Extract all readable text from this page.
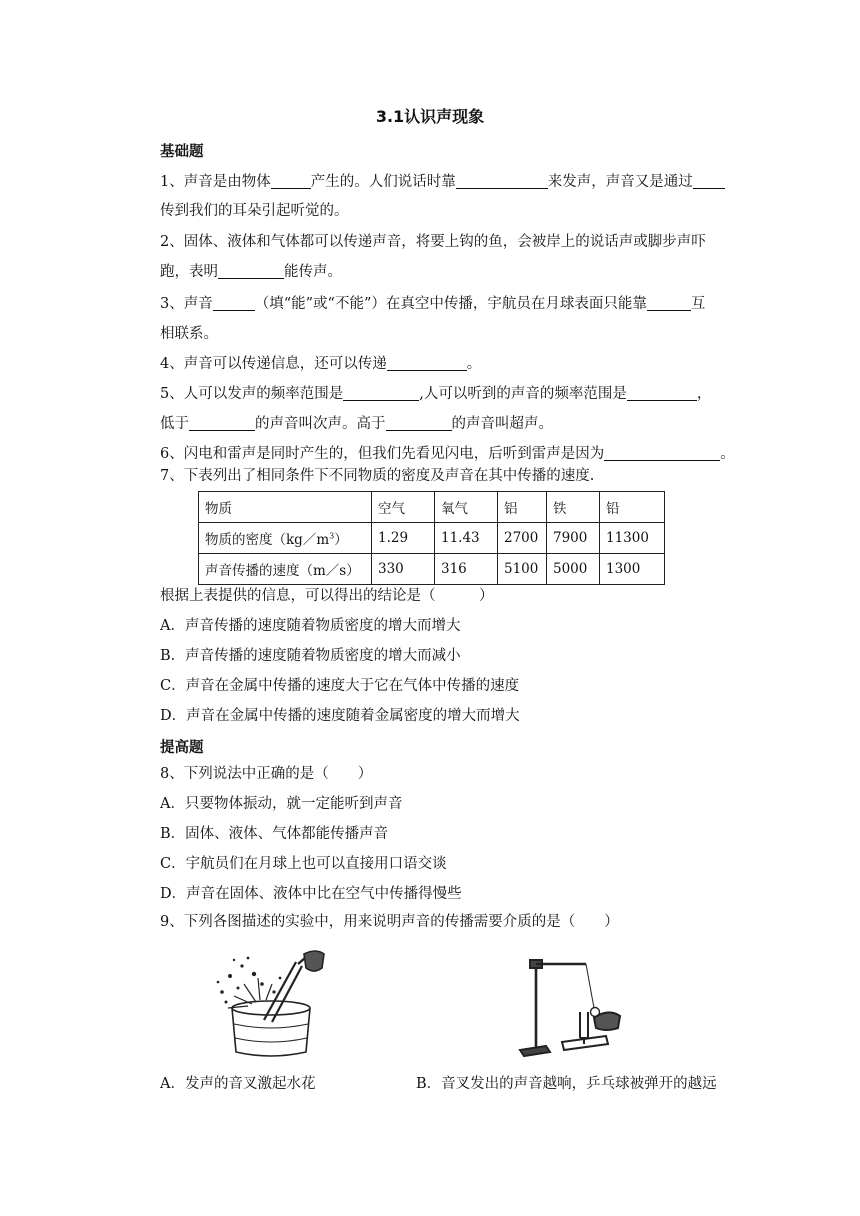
3.1认识声现象
基础题
1、声音是由物体	产生的。人们说话时靠	来发声，声音又是通过
传到我们的耳朵引起听觉的。
2、固体、液体和气体都可以传递声音，将要上钩的鱼，会被岸上的说话声或脚步声吓
跑，表明	能传声。
3、声音	（填“能”或“不能”）在真空中传播，宇航员在月球表面只能靠	互
相联系。
4、声音可以传递信息，还可以传递	。
5、人可以发声的频率范围是	,人可以听到的声音的频率范围是	，
低于	的声音叫次声。高于	的声音叫超声。
6、闪电和雷声是同时产生的，但我们先看见闪电，后听到雷声是因为	。
7、下表列出了相同条件下不同物质的密度及声音在其中传播的速度.
物质	空气	氧气	铝	铁	铅
物质的密度$(kg/m^3)$	1.29	11.43	2700	7900	11300
声音传播的速度（m／s）	330	316	5100	5000	1300
根据上表提供的信息，可以得出的结论是（　　　）
A．声音传播的速度随着物质密度的增大而增大
B．声音传播的速度随着物质密度的增大而减小
C．声音在金属中传播的速度大于它在气体中传播的速度
D．声音在金属中传播的速度随着金属密度的增大而增大
提高题
8、下列说法中正确的是（　　）
A．只要物体振动，就一定能听到声音
B．固体、液体、气体都能传播声音
C．宇航员们在月球上也可以直接用口语交谈
D．声音在固体、液体中比在空气中传播得慢些
9、下列各图描述的实验中，用来说明声音的传播需要介质的是（　　）
A．发声的音叉激起水花	B．音叉发出的声音越响，乒乓球被弹开的越远
